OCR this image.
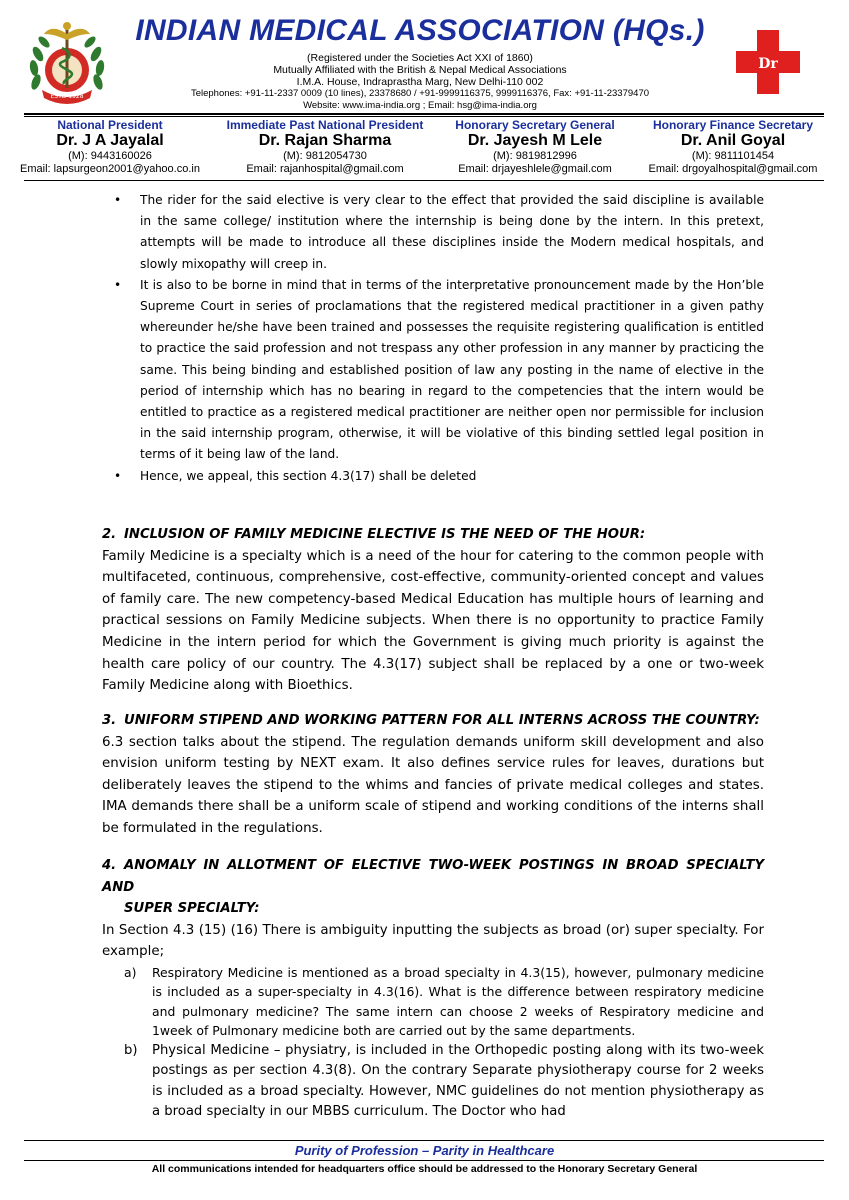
ESTD 1928
INDIAN MEDICAL ASSOCIATION (HQs.)
(Registered under the Societies Act XXI of 1860)
Mutually Affiliated with the British & Nepal Medical Associations
I.M.A. House, Indraprastha Marg, New Delhi-110 002
Telephones: +91-11-2337 0009 (10 lines), 23378680 / +91-9999116375, 9999116376, Fax: +91-11-23379470
Website: www.ima-india.org ; Email: hsg@ima-india.org
Dr
National President
Dr. J A Jayalal
(M): 9443160026
Email: lapsurgeon2001@yahoo.co.in
Immediate Past National President
Dr. Rajan Sharma
(M): 9812054730
Email: rajanhospital@gmail.com
Honorary Secretary General
Dr. Jayesh M Lele
(M): 9819812996
Email: drjayeshlele@gmail.com
Honorary Finance Secretary
Dr. Anil Goyal
(M): 9811101454
Email: drgoyalhospital@gmail.com
• The rider for the said elective is very clear to the effect that provided the said discipline is available in the same college/ institution where the internship is being done by the intern. In this pretext, attempts will be made to introduce all these disciplines inside the Modern medical hospitals, and slowly mixopathy will creep in.
• It is also to be borne in mind that in terms of the interpretative pronouncement made by the Hon’ble Supreme Court in series of proclamations that the registered medical practitioner in a given pathy whereunder he/she have been trained and possesses the requisite registering qualification is entitled to practice the said profession and not trespass any other profession in any manner by practicing the same. This being binding and established position of law any posting in the name of elective in the period of internship which has no bearing in regard to the competencies that the intern would be entitled to practice as a registered medical practitioner are neither open nor permissible for inclusion in the said internship program, otherwise, it will be violative of this binding settled legal position in terms of it being law of the land.
• Hence, we appeal, this section 4.3(17) shall be deleted
2. INCLUSION OF FAMILY MEDICINE ELECTIVE IS THE NEED OF THE HOUR:
Family Medicine is a specialty which is a need of the hour for catering to the common people with multifaceted, continuous, comprehensive, cost-effective, community-oriented concept and values of family care. The new competency-based Medical Education has multiple hours of learning and practical sessions on Family Medicine subjects. When there is no opportunity to practice Family Medicine in the intern period for which the Government is giving much priority is against the health care policy of our country. The 4.3(17) subject shall be replaced by a one or two-week Family Medicine along with Bioethics.
3. UNIFORM STIPEND AND WORKING PATTERN FOR ALL INTERNS ACROSS THE COUNTRY:
6.3 section talks about the stipend. The regulation demands uniform skill development and also envision uniform testing by NEXT exam. It also defines service rules for leaves, durations but deliberately leaves the stipend to the whims and fancies of private medical colleges and states. IMA demands there shall be a uniform scale of stipend and working conditions of the interns shall be formulated in the regulations.
4. ANOMALY IN ALLOTMENT OF ELECTIVE TWO-WEEK POSTINGS IN BROAD SPECIALTY AND
SUPER SPECIALTY:
In Section 4.3 (15) (16) There is ambiguity inputting the subjects as broad (or) super specialty. For example;
a) Respiratory Medicine is mentioned as a broad specialty in 4.3(15), however, pulmonary medicine is included as a super-specialty in 4.3(16). What is the difference between respiratory medicine and pulmonary medicine? The same intern can choose 2 weeks of Respiratory medicine and 1week of Pulmonary medicine both are carried out by the same departments.
b) Physical Medicine – physiatry, is included in the Orthopedic posting along with its two-week postings as per section 4.3(8). On the contrary Separate physiotherapy course for 2 weeks is included as a broad specialty. However, NMC guidelines do not mention physiotherapy as a broad specialty in our MBBS curriculum. The Doctor who had
Purity of Profession – Parity in Healthcare
All communications intended for headquarters office should be addressed to the Honorary Secretary General
